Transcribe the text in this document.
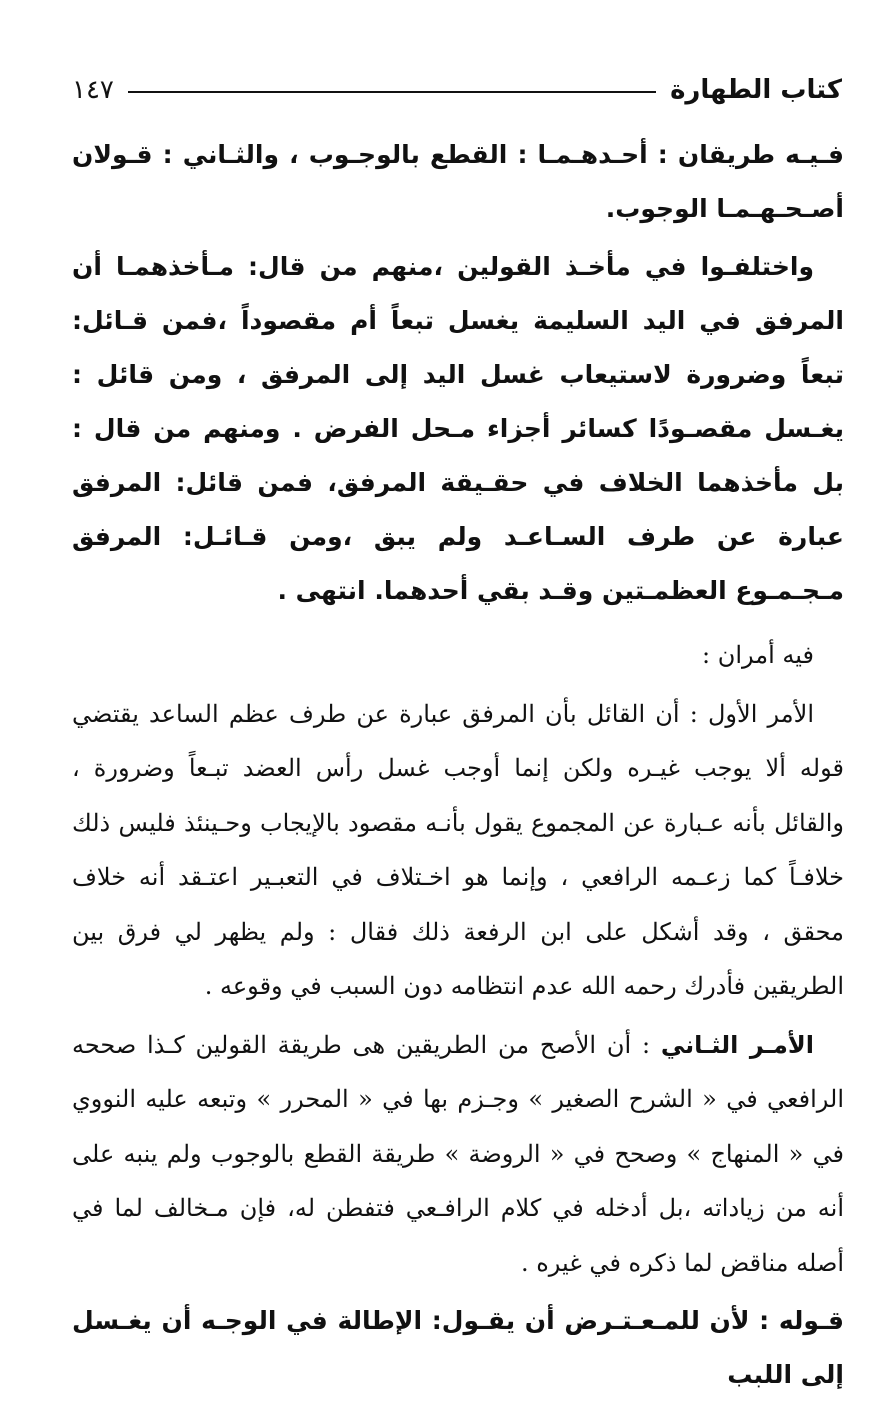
كتاب الطهارة
١٤٧

فـيـه طريقان : أحـدهـمـا : القطع بالوجـوب ، والثـاني : قـولان أصـحـهـمـا الوجوب.

واختلفـوا في مأخـذ القولين ،منهم من قال: مـأخذهمـا أن المرفق في اليد السليمة يغسل تبعاً أم مقصوداً ،فمن قـائل: تبعاً وضرورة لاستيعاب غسل اليد إلى المرفق ، ومن قائل : يغـسل مقصـودًا كسائر أجزاء مـحل الفرض . ومنهم من قال : بل مأخذهما الخلاف في حقـيقة المرفق، فمن قائل: المرفق عبارة عن طرف السـاعـد ولم يبق ،ومن قـائـل: المرفق مـجـمـوع العظمـتين وقـد بقي أحدهما. انتهى .

فيه أمران :

الأمر الأول : أن القائل بأن المرفق عبارة عن طرف عظم الساعد يقتضي قوله ألا يوجب غيـره ولكن إنما أوجب غسل رأس العضد تبـعاً وضرورة ، والقائل بأنه عـبارة عن المجموع يقول بأنـه مقصود بالإيجاب وحـينئذ فليس ذلك خلافـاً كما زعـمه الرافعي ، وإنما هو اخـتلاف في التعبـير اعتـقد أنه خلاف محقق ، وقد أشكل على ابن الرفعة ذلك فقال : ولم يظهر لي فرق بين الطريقين فأدرك رحمه الله عدم انتظامه دون السبب في وقوعه .

الأمـر الثـاني : أن الأصح من الطريقين هى طريقة القولين كـذا صححه الرافعي في « الشرح الصغير » وجـزم بها في « المحرر » وتبعه عليه النووي في « المنهاج » وصحح في « الروضة » طريقة القطع بالوجوب ولم ينبه على أنه من زياداته ،بل أدخله في كلام الرافـعي فتفطن له، فإن مـخالف لما في أصله مناقض لما ذكره في غيره .

قـوله : لأن للمـعـتـرض أن يقـول: الإطالة في الوجـه أن يغـسل إلى اللبب
